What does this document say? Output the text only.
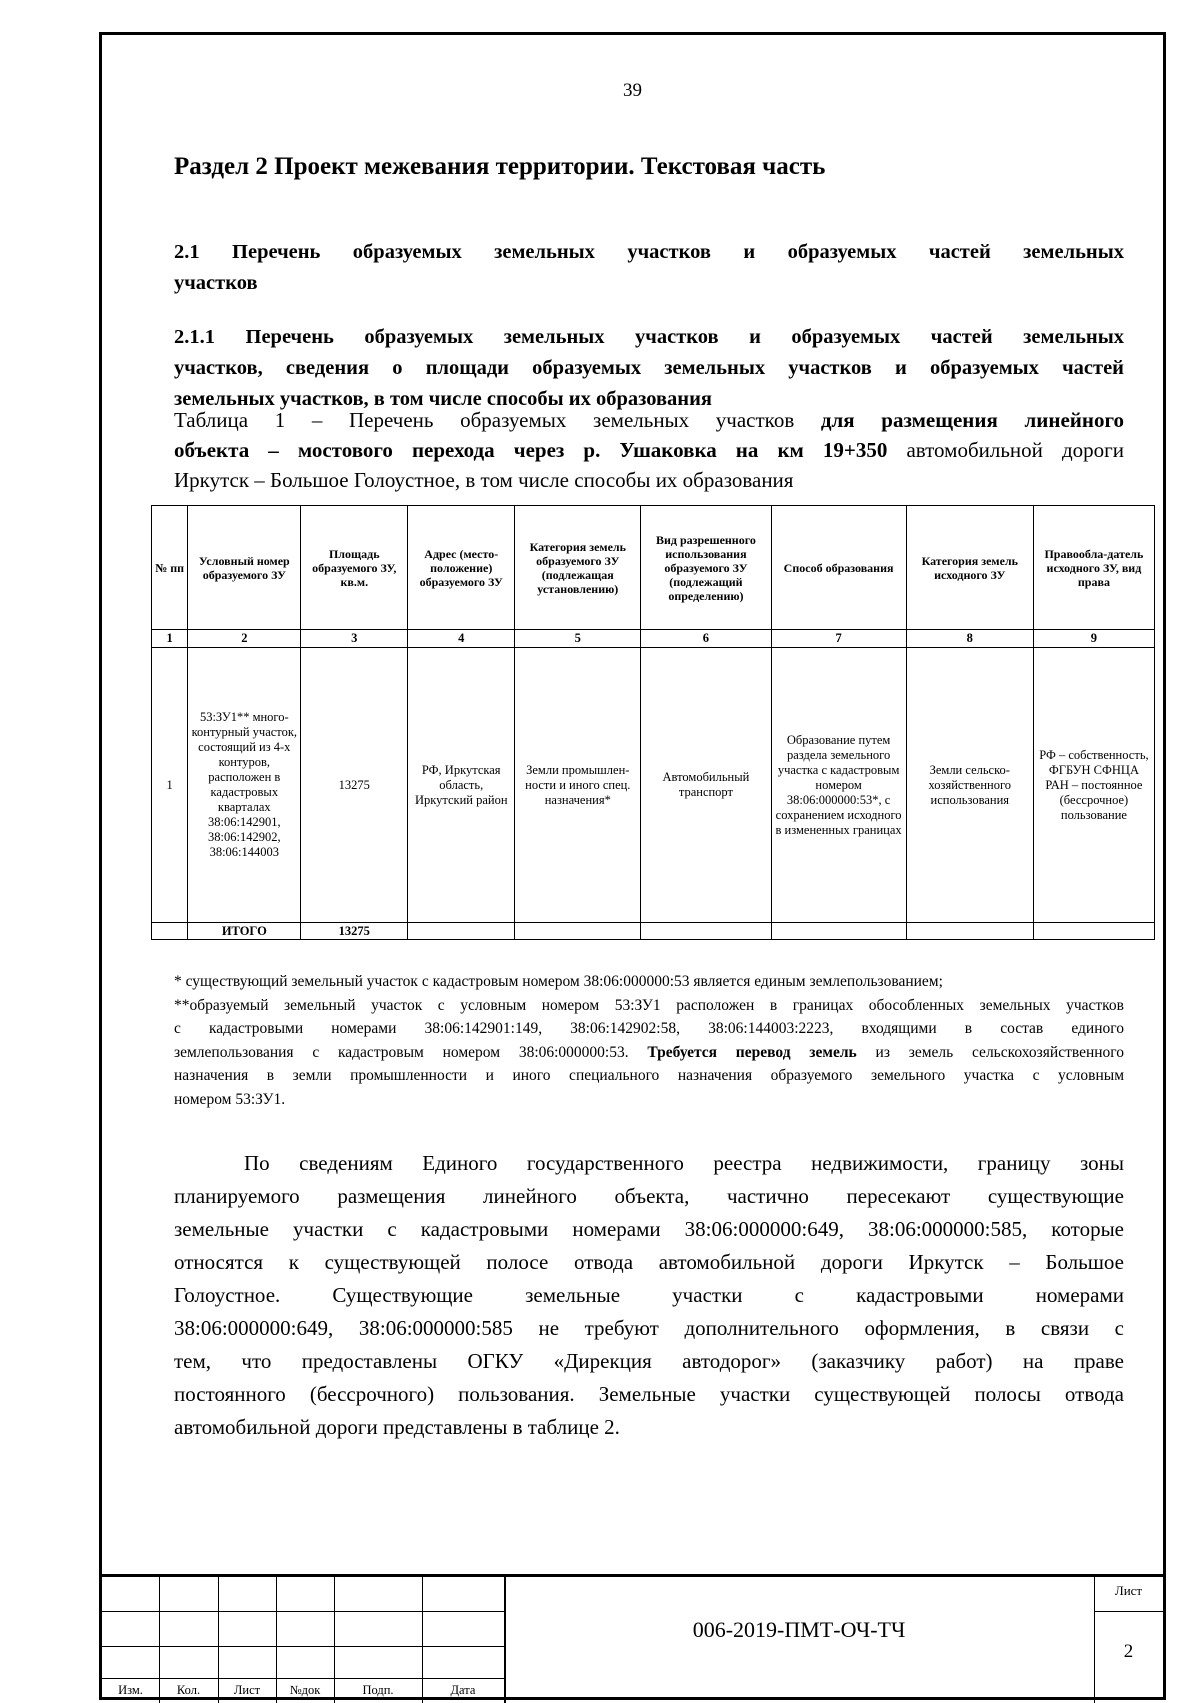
39
Раздел 2 Проект межевания территории. Текстовая часть
2.1 Перечень образуемых земельных участков и образуемых частей земельных
участков
2.1.1 Перечень образуемых земельных участков и образуемых частей земельных
участков, сведения о площади образуемых земельных участков и образуемых частей
земельных участков, в том числе способы их образования
Таблица 1 – Перечень образуемых земельных участков для размещения линейного
объекта – мостового перехода через р. Ушаковка на км 19+350 автомобильной дороги
Иркутск – Большое Голоустное, в том числе способы их образования
№ пп	Условный номер образуемого ЗУ	Площадь образуемого ЗУ, кв.м.	Адрес (место-положение) образуемого ЗУ	Категория земель образуемого ЗУ (подлежащая установлению)	Вид разрешенного использования образуемого ЗУ (подлежащий определению)	Способ образования	Категория земель исходного ЗУ	Правообла-датель исходного ЗУ, вид права
1	2	3	4	5	6	7	8	9
1	53:ЗУ1** много-контурный участок, состоящий из 4-х контуров, расположен в кадастровых кварталах 38:06:142901, 38:06:142902, 38:06:144003	13275	РФ, Иркутская область, Иркутский район	Земли промышлен-ности и иного спец. назначения*	Автомобильный транспорт	Образование путем раздела земельного участка с кадастровым номером 38:06:000000:53*, с сохранением исходного в измененных границах	Земли сельско-хозяйственного использования	РФ – собственность, ФГБУН СФНЦА РАН – постоянное (бессрочное) пользование
	ИТОГО	13275						

* существующий земельный участок с кадастровым номером 38:06:000000:53 является единым землепользованием;

**образуемый земельный участок с условным номером 53:ЗУ1 расположен в границах обособленных земельных участков
с кадастровыми номерами 38:06:142901:149, 38:06:142902:58, 38:06:144003:2223, входящими в состав единого
землепользования с кадастровым номером 38:06:000000:53. Требуется перевод земель из земель сельскохозяйственного
назначения в земли промышленности и иного специального назначения образуемого земельного участка с условным
номером 53:ЗУ1.
По сведениям Единого государственного реестра недвижимости, границу зоны
планируемого размещения линейного объекта, частично пересекают существующие
земельные участки с кадастровыми номерами 38:06:000000:649, 38:06:000000:585, которые
относятся к существующей полосе отвода автомобильной дороги Иркутск – Большое
Голоустное. Существующие земельные участки с кадастровыми номерами
38:06:000000:649, 38:06:000000:585 не требуют дополнительного оформления, в связи с
тем, что предоставлены ОГКУ «Дирекция автодорог» (заказчику работ) на праве
постоянного (бессрочного) пользования. Земельные участки существующей полосы отвода
автомобильной дороги представлены в таблице 2.
Изм.	Кол.	Лист	№док	Подп.	Дата
006-2019-ПМТ-ОЧ-ТЧ
Лист
2
